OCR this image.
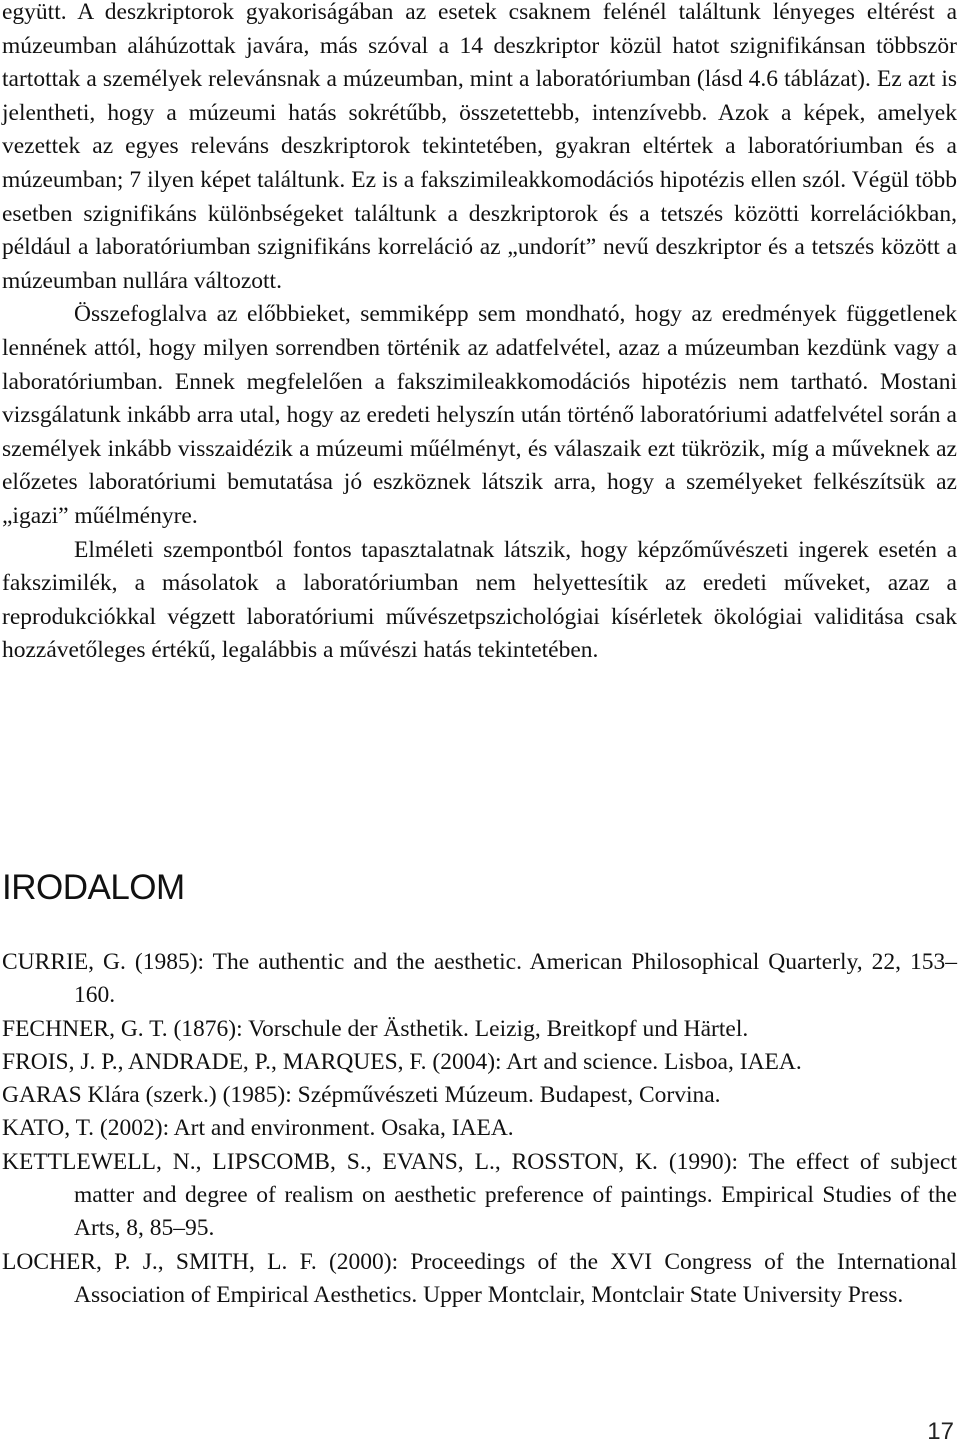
együtt. A deszkriptorok gyakoriságában az esetek csaknem felénél találtunk lényeges eltérést a múzeumban aláhúzottak javára, más szóval a 14 deszkriptor közül hatot szignifikánsan többször tartottak a személyek relevánsnak a múzeumban, mint a laboratóriumban (lásd 4.6 táblázat). Ez azt is jelentheti, hogy a múzeumi hatás sokrétűbb, összetettebb, intenzívebb. Azok a képek, amelyek vezettek az egyes releváns deszkriptorok tekintetében, gyakran eltértek a laboratóriumban és a múzeumban; 7 ilyen képet találtunk. Ez is a fakszimileakkomodációs hipotézis ellen szól. Végül több esetben szignifikáns különbségeket találtunk a deszkriptorok és a tetszés közötti korrelációkban, például a laboratóriumban szignifikáns korreláció az „undorít” nevű deszkriptor és a tetszés között a múzeumban nullára változott.

Összefoglalva az előbbieket, semmiképp sem mondható, hogy az eredmények függetlenek lennének attól, hogy milyen sorrendben történik az adatfelvétel, azaz a múzeumban kezdünk vagy a laboratóriumban. Ennek megfelelően a fakszimileakkomodációs hipotézis nem tartható. Mostani vizsgálatunk inkább arra utal, hogy az eredeti helyszín után történő laboratóriumi adatfelvétel során a személyek inkább visszaidézik a múzeumi műélményt, és válaszaik ezt tükrözik, míg a műveknek az előzetes laboratóriumi bemutatása jó eszköznek látszik arra, hogy a személyeket felkészítsük az „igazi” műélményre.

Elméleti szempontból fontos tapasztalatnak látszik, hogy képzőművészeti ingerek esetén a fakszimilék, a másolatok a laboratóriumban nem helyettesítik az eredeti műveket, azaz a reprodukciókkal végzett laboratóriumi művészetpszichológiai kísérletek ökológiai validitása csak hozzávetőleges értékű, legalábbis a művészi hatás tekintetében.

IRODALOM

CURRIE, G. (1985): The authentic and the aesthetic. American Philosophical Quarterly, 22, 153–160.

FECHNER, G. T. (1876): Vorschule der Ästhetik. Leizig, Breitkopf und Härtel.

FROIS, J. P., ANDRADE, P., MARQUES, F. (2004): Art and science. Lisboa, IAEA.

GARAS Klára (szerk.) (1985): Szépművészeti Múzeum. Budapest, Corvina.

KATO, T. (2002): Art and environment. Osaka, IAEA.

KETTLEWELL, N., LIPSCOMB, S., EVANS, L., ROSSTON, K. (1990): The effect of subject matter and degree of realism on aesthetic preference of paintings. Empirical Studies of the Arts, 8, 85–95.

LOCHER, P. J., SMITH, L. F. (2000): Proceedings of the XVI Congress of the International Association of Empirical Aesthetics. Upper Montclair, Montclair State University Press.

17
